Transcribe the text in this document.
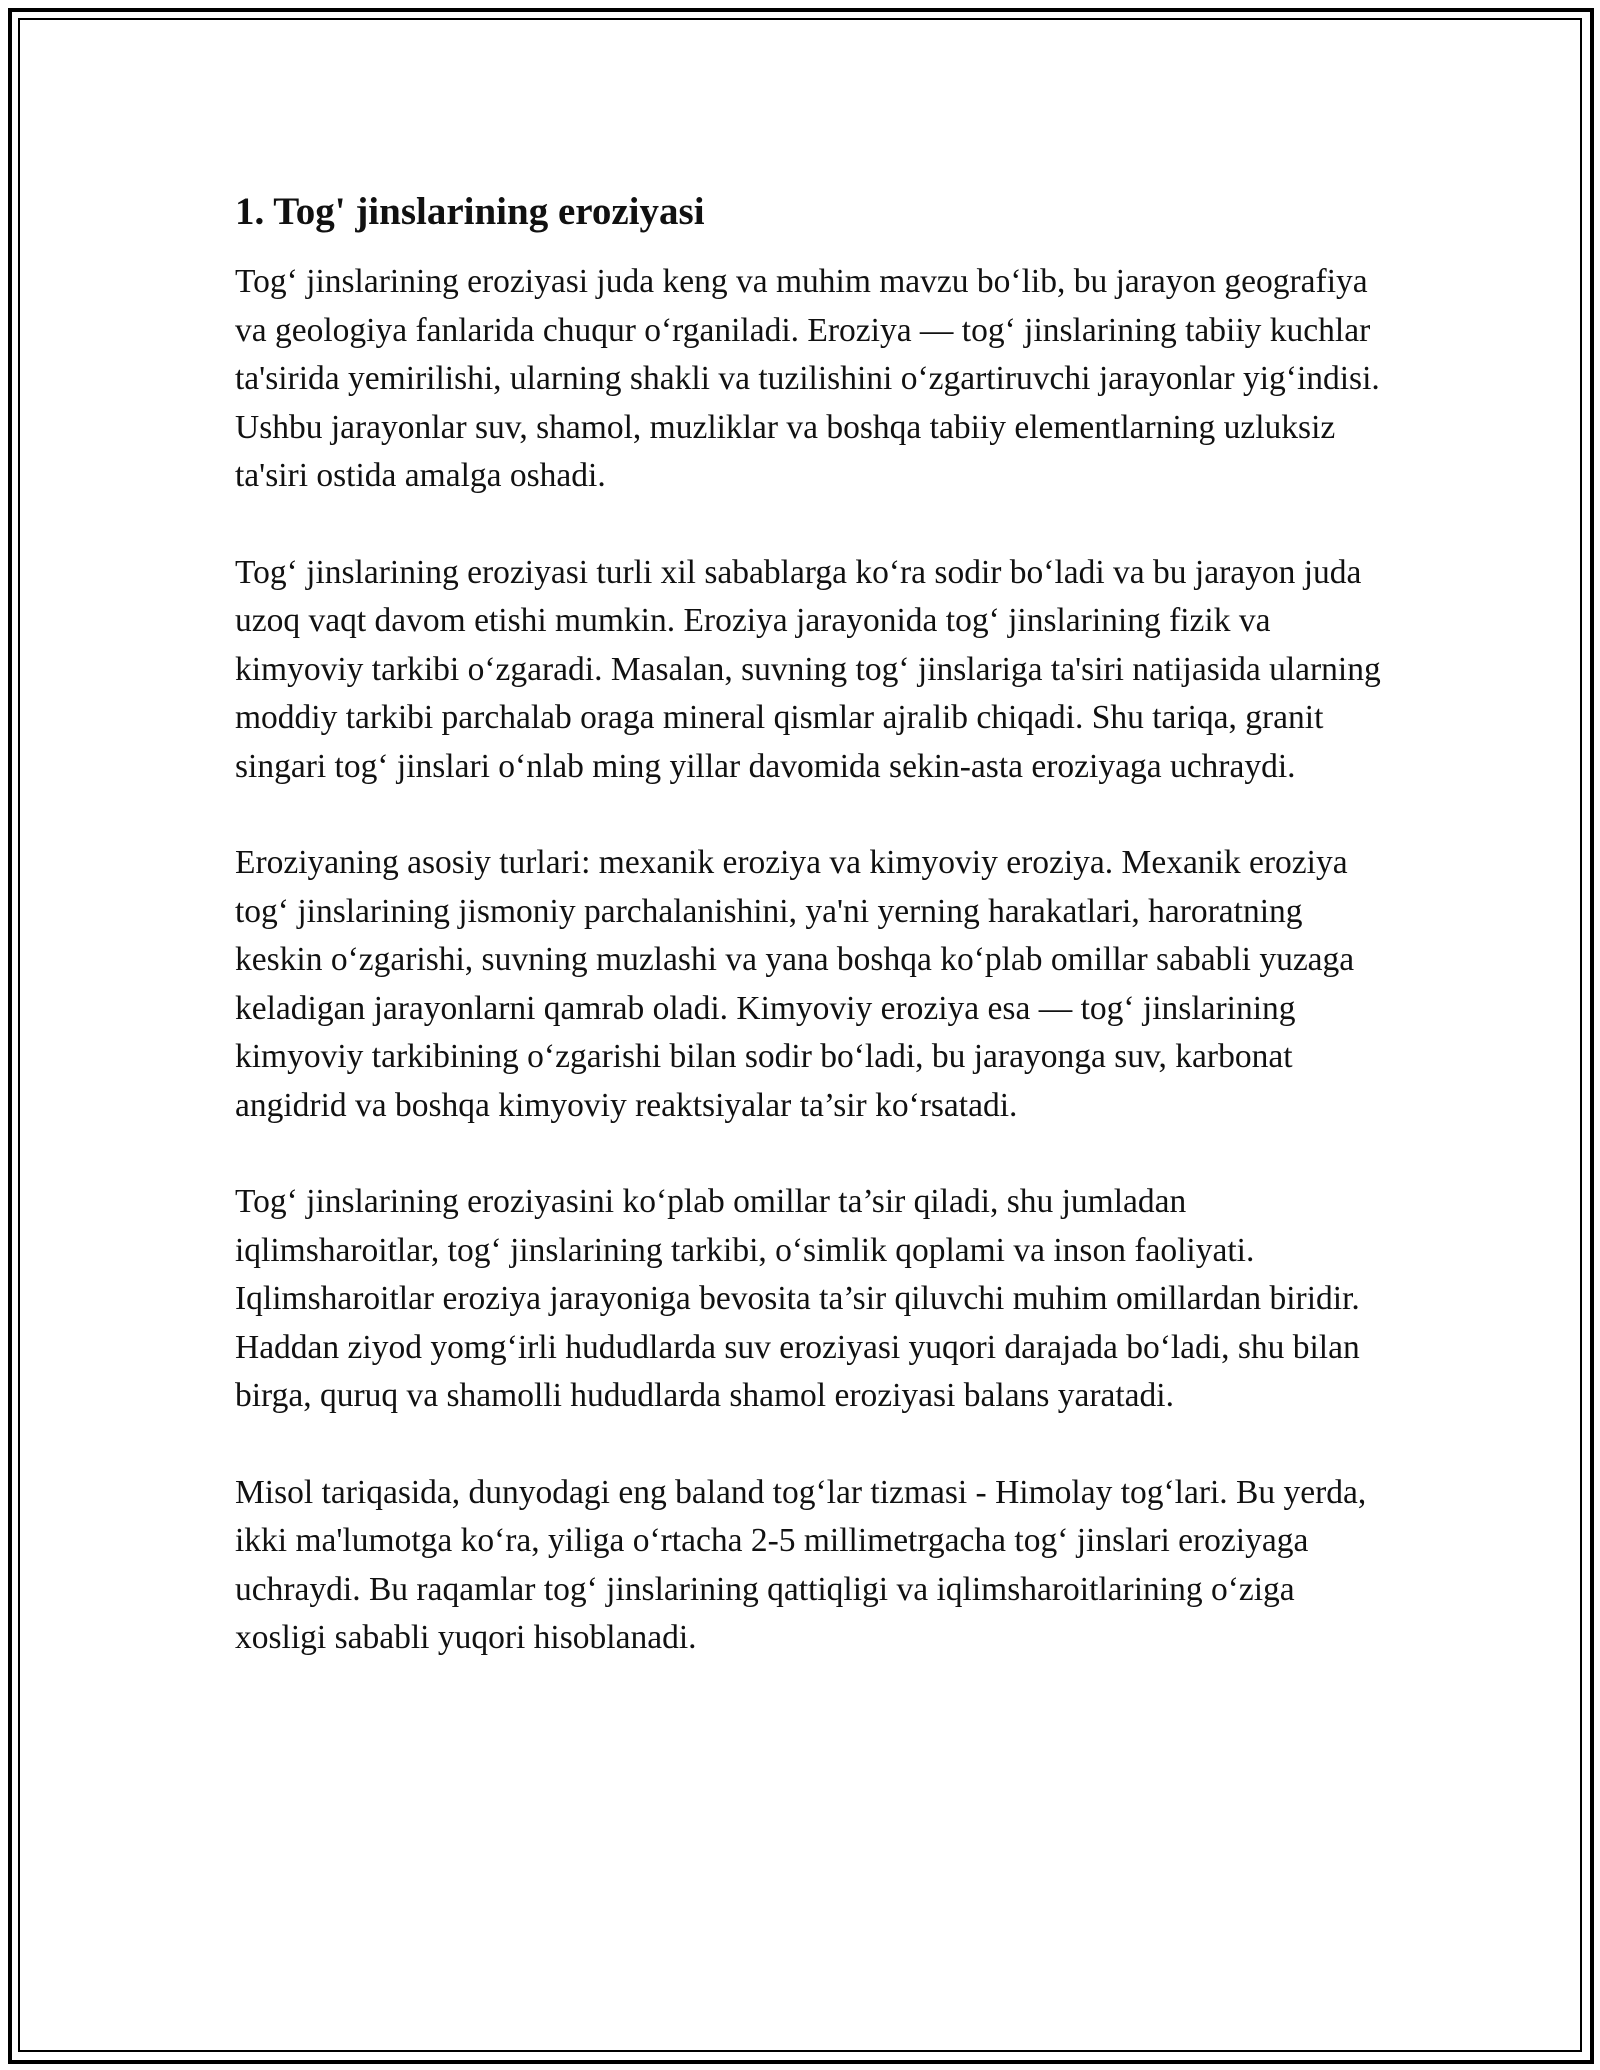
1. Tog' jinslarining eroziyasi

Tog‘ jinslarining eroziyasi juda keng va muhim mavzu bo‘lib, bu jarayon geografiya va geologiya fanlarida chuqur o‘rganiladi. Eroziya — tog‘ jinslarining tabiiy kuchlar ta'sirida yemirilishi, ularning shakli va tuzilishini o‘zgartiruvchi jarayonlar yig‘indisi. Ushbu jarayonlar suv, shamol, muzliklar va boshqa tabiiy elementlarning uzluksiz ta'siri ostida amalga oshadi.

Tog‘ jinslarining eroziyasi turli xil sabablarga ko‘ra sodir bo‘ladi va bu jarayon juda uzoq vaqt davom etishi mumkin. Eroziya jarayonida tog‘ jinslarining fizik va kimyoviy tarkibi o‘zgaradi. Masalan, suvning tog‘ jinslariga ta'siri natijasida ularning moddiy tarkibi parchalab oraga mineral qismlar ajralib chiqadi. Shu tariqa, granit singari tog‘ jinslari o‘nlab ming yillar davomida sekin-asta eroziyaga uchraydi.

Eroziyaning asosiy turlari: mexanik eroziya va kimyoviy eroziya. Mexanik eroziya tog‘ jinslarining jismoniy parchalanishini, ya'ni yerning harakatlari, haroratning keskin o‘zgarishi, suvning muzlashi va yana boshqa ko‘plab omillar sababli yuzaga keladigan jarayonlarni qamrab oladi. Kimyoviy eroziya esa — tog‘ jinslarining kimyoviy tarkibining o‘zgarishi bilan sodir bo‘ladi, bu jarayonga suv, karbonat angidrid va boshqa kimyoviy reaktsiyalar ta’sir ko‘rsatadi.

Tog‘ jinslarining eroziyasini ko‘plab omillar ta’sir qiladi, shu jumladan iqlimsharoitlar, tog‘ jinslarining tarkibi, o‘simlik qoplami va inson faoliyati. Iqlimsharoitlar eroziya jarayoniga bevosita ta’sir qiluvchi muhim omillardan biridir. Haddan ziyod yomg‘irli hududlarda suv eroziyasi yuqori darajada bo‘ladi, shu bilan birga, quruq va shamolli hududlarda shamol eroziyasi balans yaratadi.

Misol tariqasida, dunyodagi eng baland tog‘lar tizmasi - Himolay tog‘lari. Bu yerda, ikki ma'lumotga ko‘ra, yiliga o‘rtacha 2-5 millimetrgacha tog‘ jinslari eroziyaga uchraydi. Bu raqamlar tog‘ jinslarining qattiqligi va iqlimsharoitlarining o‘ziga xosligi sababli yuqori hisoblanadi.
